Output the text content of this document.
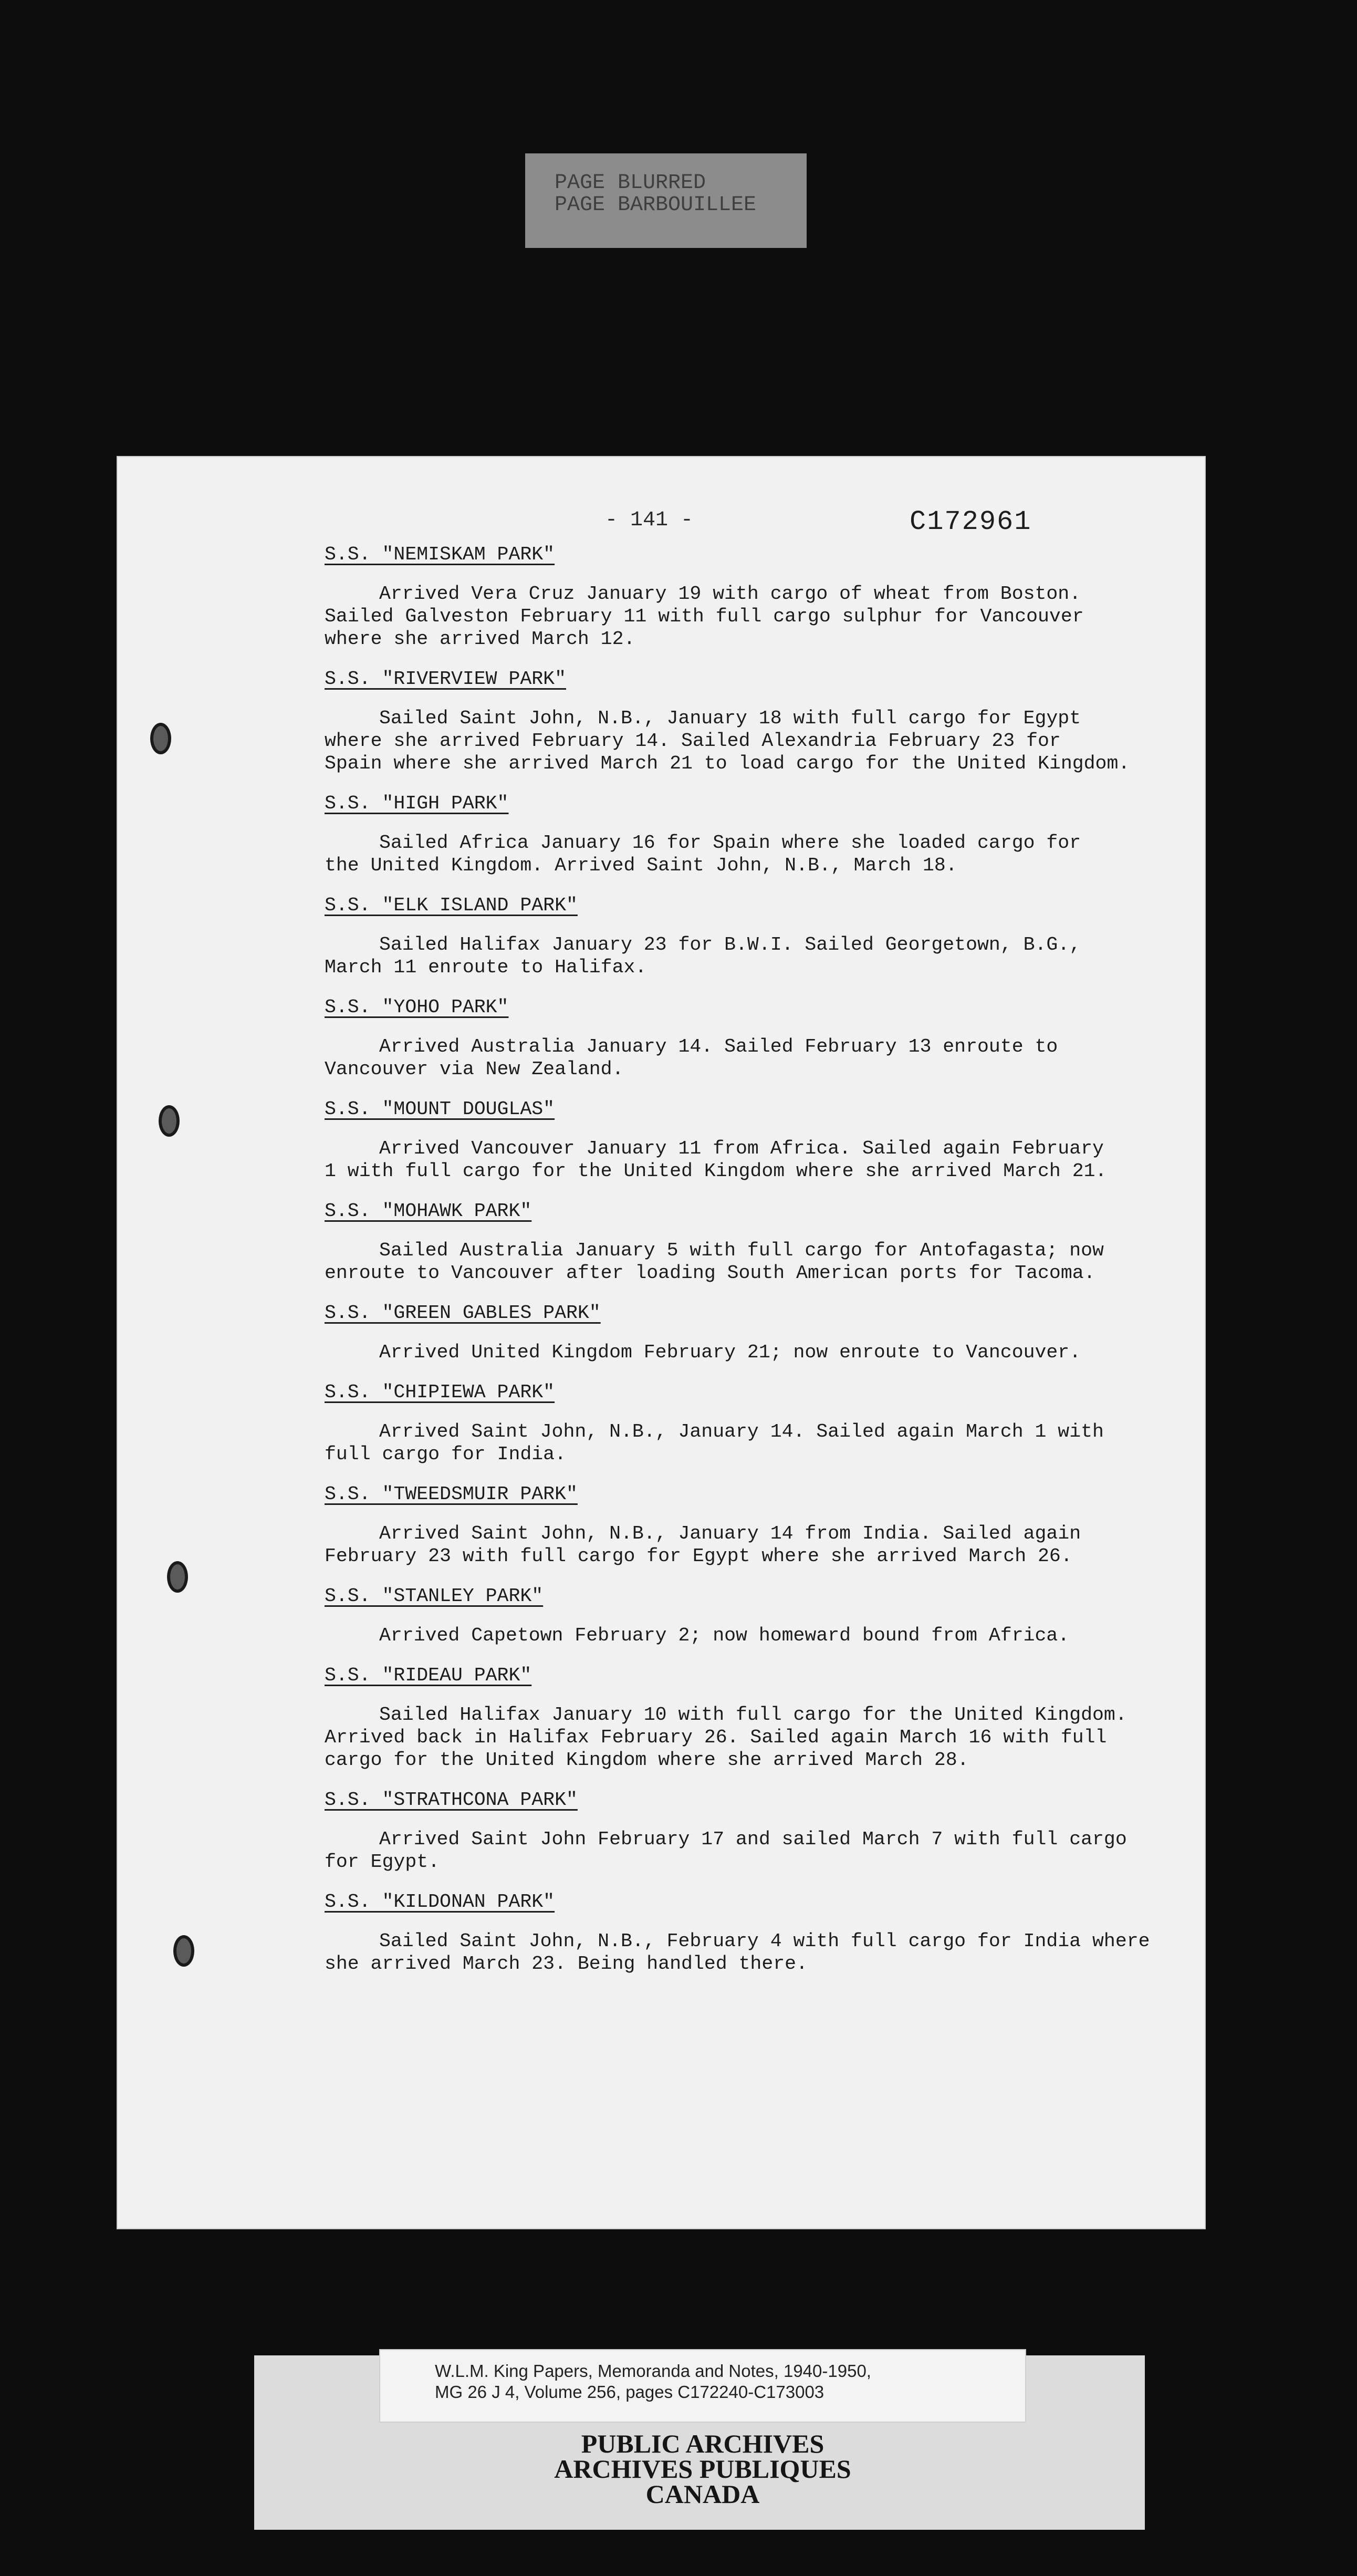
PAGE BLURRED
PAGE BARBOUILLEE
- 141 -	C172961
S.S. "NEMISKAM PARK"

Arrived Vera Cruz January 19 with cargo of wheat from Boston.
Sailed Galveston February 11 with full cargo sulphur for Vancouver
where she arrived March 12.

S.S. "RIVERVIEW PARK"

Sailed Saint John, N.B., January 18 with full cargo for Egypt
where she arrived February 14. Sailed Alexandria February 23 for
Spain where she arrived March 21 to load cargo for the United Kingdom.

S.S. "HIGH PARK"

Sailed Africa January 16 for Spain where she loaded cargo for
the United Kingdom. Arrived Saint John, N.B., March 18.

S.S. "ELK ISLAND PARK"

Sailed Halifax January 23 for B.W.I. Sailed Georgetown, B.G.,
March 11 enroute to Halifax.

S.S. "YOHO PARK"

Arrived Australia January 14. Sailed February 13 enroute to
Vancouver via New Zealand.

S.S. "MOUNT DOUGLAS"

Arrived Vancouver January 11 from Africa. Sailed again February
1 with full cargo for the United Kingdom where she arrived March 21.

S.S. "MOHAWK PARK"

Sailed Australia January 5 with full cargo for Antofagasta; now
enroute to Vancouver after loading South American ports for Tacoma.

S.S. "GREEN GABLES PARK"

Arrived United Kingdom February 21; now enroute to Vancouver.

S.S. "CHIPIEWA PARK"

Arrived Saint John, N.B., January 14. Sailed again March 1 with
full cargo for India.

S.S. "TWEEDSMUIR PARK"

Arrived Saint John, N.B., January 14 from India. Sailed again
February 23 with full cargo for Egypt where she arrived March 26.

S.S. "STANLEY PARK"

Arrived Capetown February 2; now homeward bound from Africa.

S.S. "RIDEAU PARK"

Sailed Halifax January 10 with full cargo for the United Kingdom.
Arrived back in Halifax February 26. Sailed again March 16 with full
cargo for the United Kingdom where she arrived March 28.

S.S. "STRATHCONA PARK"

Arrived Saint John February 17 and sailed March 7 with full cargo
for Egypt.

S.S. "KILDONAN PARK"

Sailed Saint John, N.B., February 4 with full cargo for India where
she arrived March 23. Being handled there.

W.L.M. King Papers, Memoranda and Notes, 1940-1950,
MG 26 J 4, Volume 256, pages C172240-C173003
PUBLIC ARCHIVES
ARCHIVES PUBLIQUES
CANADA
